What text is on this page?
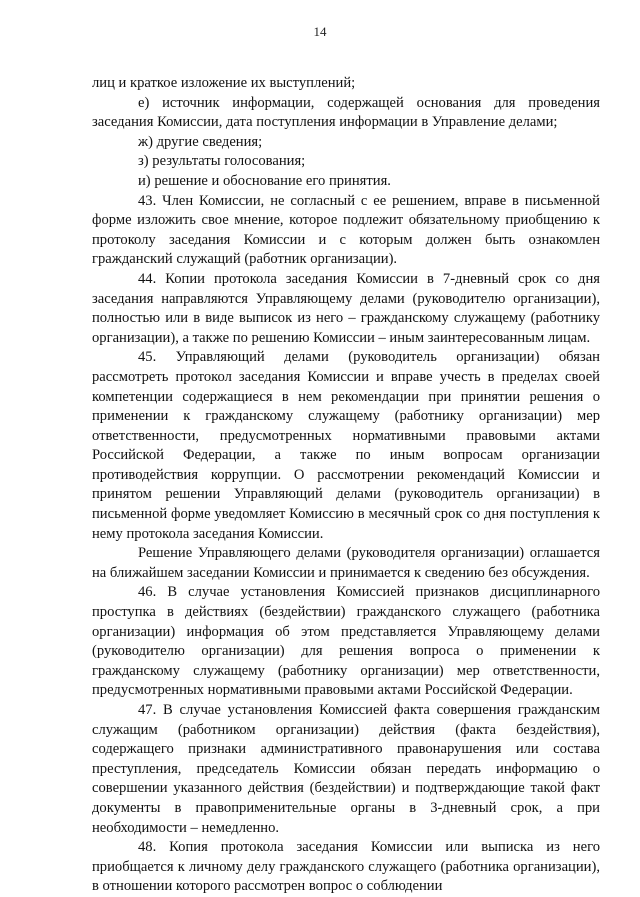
14

лиц и краткое изложение их выступлений;

е) источник информации, содержащей основания для проведения заседания Комиссии, дата поступления информации в Управление делами;

ж) другие сведения;

з) результаты голосования;

и) решение и обоснование его принятия.

43. Член Комиссии, не согласный с ее решением, вправе в письменной форме изложить свое мнение, которое подлежит обязательному приобщению к протоколу заседания Комиссии и с которым должен быть ознакомлен гражданский служащий (работник организации).

44. Копии протокола заседания Комиссии в 7-дневный срок со дня заседания направляются Управляющему делами (руководителю организации), полностью или в виде выписок из него – гражданскому служащему (работнику организации), а также по решению Комиссии – иным заинтересованным лицам.

45. Управляющий делами (руководитель организации) обязан рассмотреть протокол заседания Комиссии и вправе учесть в пределах своей компетенции содержащиеся в нем рекомендации при принятии решения о применении к гражданскому служащему (работнику организации) мер ответственности, предусмотренных нормативными правовыми актами Российской Федерации, а также по иным вопросам организации противодействия коррупции. О рассмотрении рекомендаций Комиссии и принятом решении Управляющий делами (руководитель организации) в письменной форме уведомляет Комиссию в месячный срок со дня поступления к нему протокола заседания Комиссии.

Решение Управляющего делами (руководителя организации) оглашается на ближайшем заседании Комиссии и принимается к сведению без обсуждения.

46. В случае установления Комиссией признаков дисциплинарного проступка в действиях (бездействии) гражданского служащего (работника организации) информация об этом представляется Управляющему делами (руководителю организации) для решения вопроса о применении к гражданскому служащему (работнику организации) мер ответственности, предусмотренных нормативными правовыми актами Российской Федерации.

47. В случае установления Комиссией факта совершения гражданским служащим (работником организации) действия (факта бездействия), содержащего признаки административного правонарушения или состава преступления, председатель Комиссии обязан передать информацию о совершении указанного действия (бездействии) и подтверждающие такой факт документы в правоприменительные органы в 3-дневный срок, а при необходимости – немедленно.

48. Копия протокола заседания Комиссии или выписка из него приобщается к личному делу гражданского служащего (работника организации), в отношении которого рассмотрен вопрос о соблюдении
